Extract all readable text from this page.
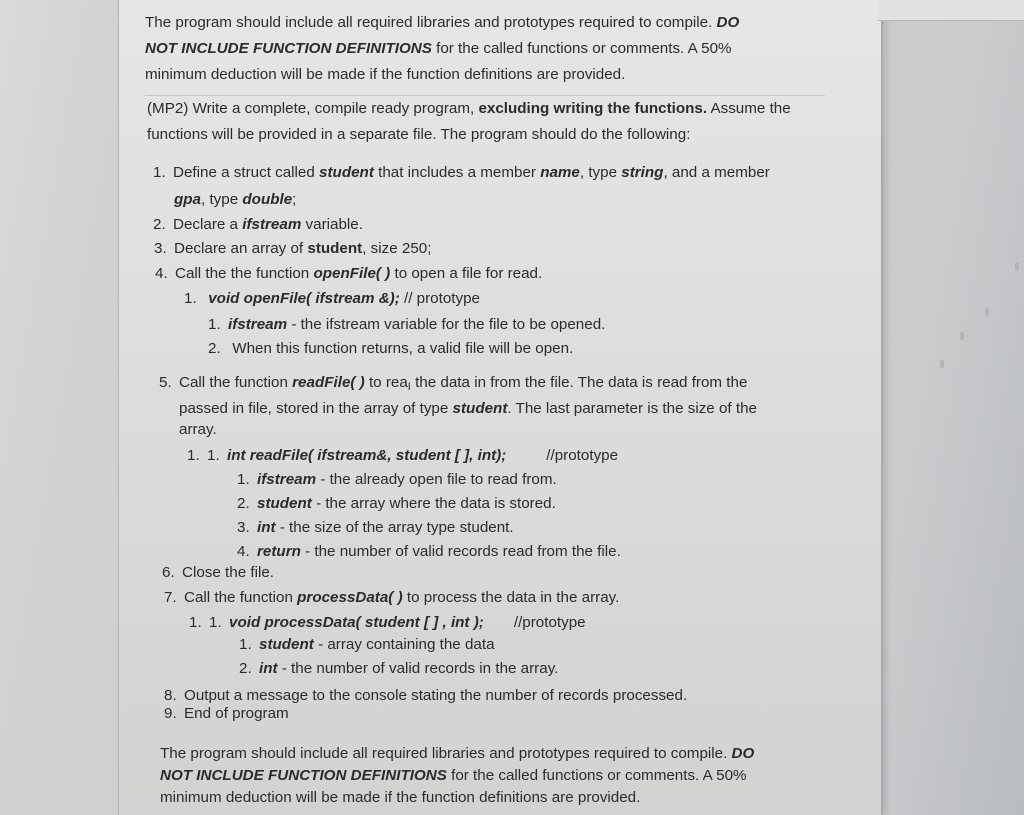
The program should include all required libraries and prototypes required to compile. DO
NOT INCLUDE FUNCTION DEFINITIONS for the called functions or comments. A 50%
minimum deduction will be made if the function definitions are provided.
(MP2) Write a complete, compile ready program, excluding writing the functions. Assume the
functions will be provided in a separate file. The program should do the following:
1. Define a struct called student that includes a member name, type string, and a member
gpa, type double;
2. Declare a ifstream variable.
3. Declare an array of student, size 250;
4. Call the the function openFile( ) to open a file for read.
1. void openFile( ifstream &); // prototype
1. ifstream - the ifstream variable for the file to be opened.
2. When this function returns, a valid file will be open.
5. Call the function readFile( ) to reaI the data in from the file. The data is read from the
passed in file, stored in the array of type student. The last parameter is the size of the
array.
1. 1. int readFile( ifstream&, student [ ], int);	//prototype
1. ifstream - the already open file to read from.
2. student - the array where the data is stored.
3. int - the size of the array type student.
4. return - the number of valid records read from the file.
6. Close the file.
7. Call the function processData( ) to process the data in the array.
1. 1. void processData( student [ ] , int ); //prototype
1. student - array containing the data
2. int - the number of valid records in the array.
8. Output a message to the console stating the number of records processed.
9. End of program
The program should include all required libraries and prototypes required to compile. DO
NOT INCLUDE FUNCTION DEFINITIONS for the called functions or comments. A 50%
minimum deduction will be made if the function definitions are provided.
